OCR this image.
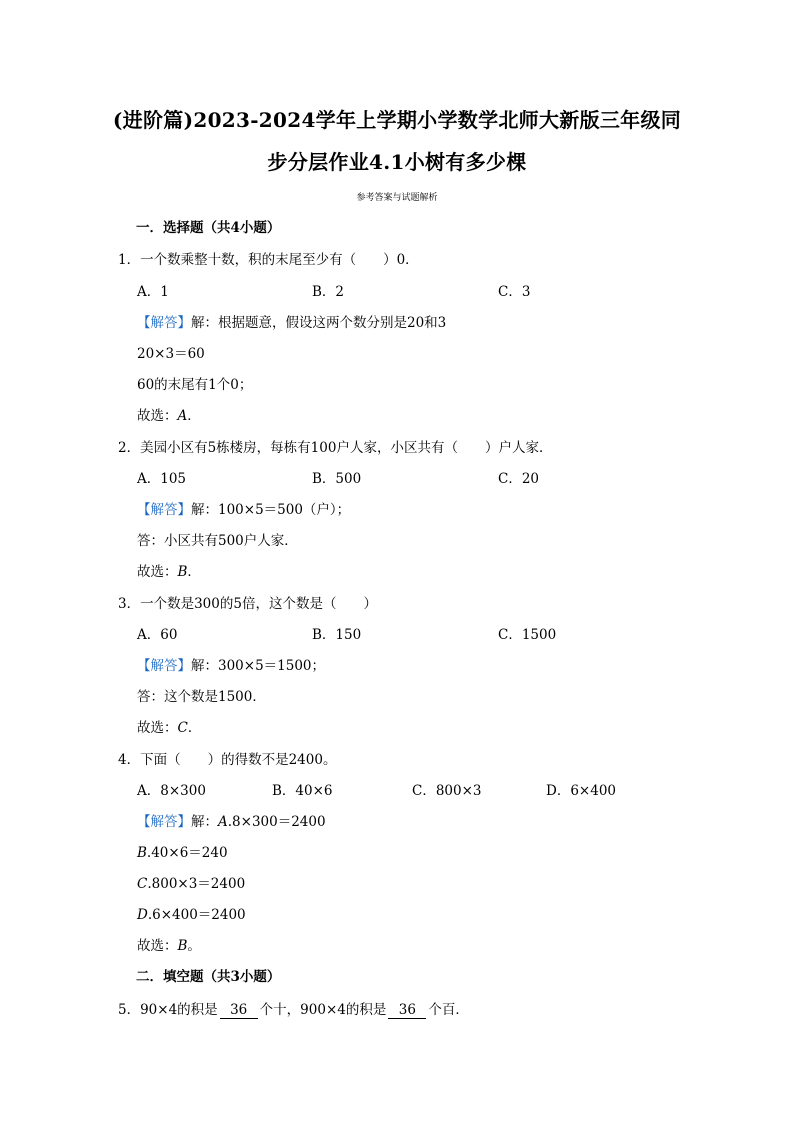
(进阶篇)2023-2024学年上学期小学数学北师大新版三年级同
步分层作业4.1小树有多少棵
参考答案与试题解析
一．选择题（共4小题）
1．一个数乘整十数，积的末尾至少有（　　）0．
A．1	B．2	C．3
【解答】解：根据题意，假设这两个数分别是20和3
20×3＝60
60的末尾有1个0；
故选：A．
2．美园小区有5栋楼房，每栋有100户人家，小区共有（　　）户人家．
A．105	B．500	C．20
【解答】解：100×5＝500（户）；
答：小区共有500户人家．
故选：B．
3．一个数是300的5倍，这个数是（　　）
A．60	B．150	C．1500
【解答】解：300×5＝1500；
答：这个数是1500．
故选：C．
4．下面（　　）的得数不是2400。
A．8×300	B．40×6	C．800×3	D．6×400
【解答】解：A.8×300＝2400
B.40×6＝240
C.800×3＝2400
D.6×400＝2400
故选：B。
二．填空题（共3小题）
5．90×4的积是 36 个十，900×4的积是 36 个百．
